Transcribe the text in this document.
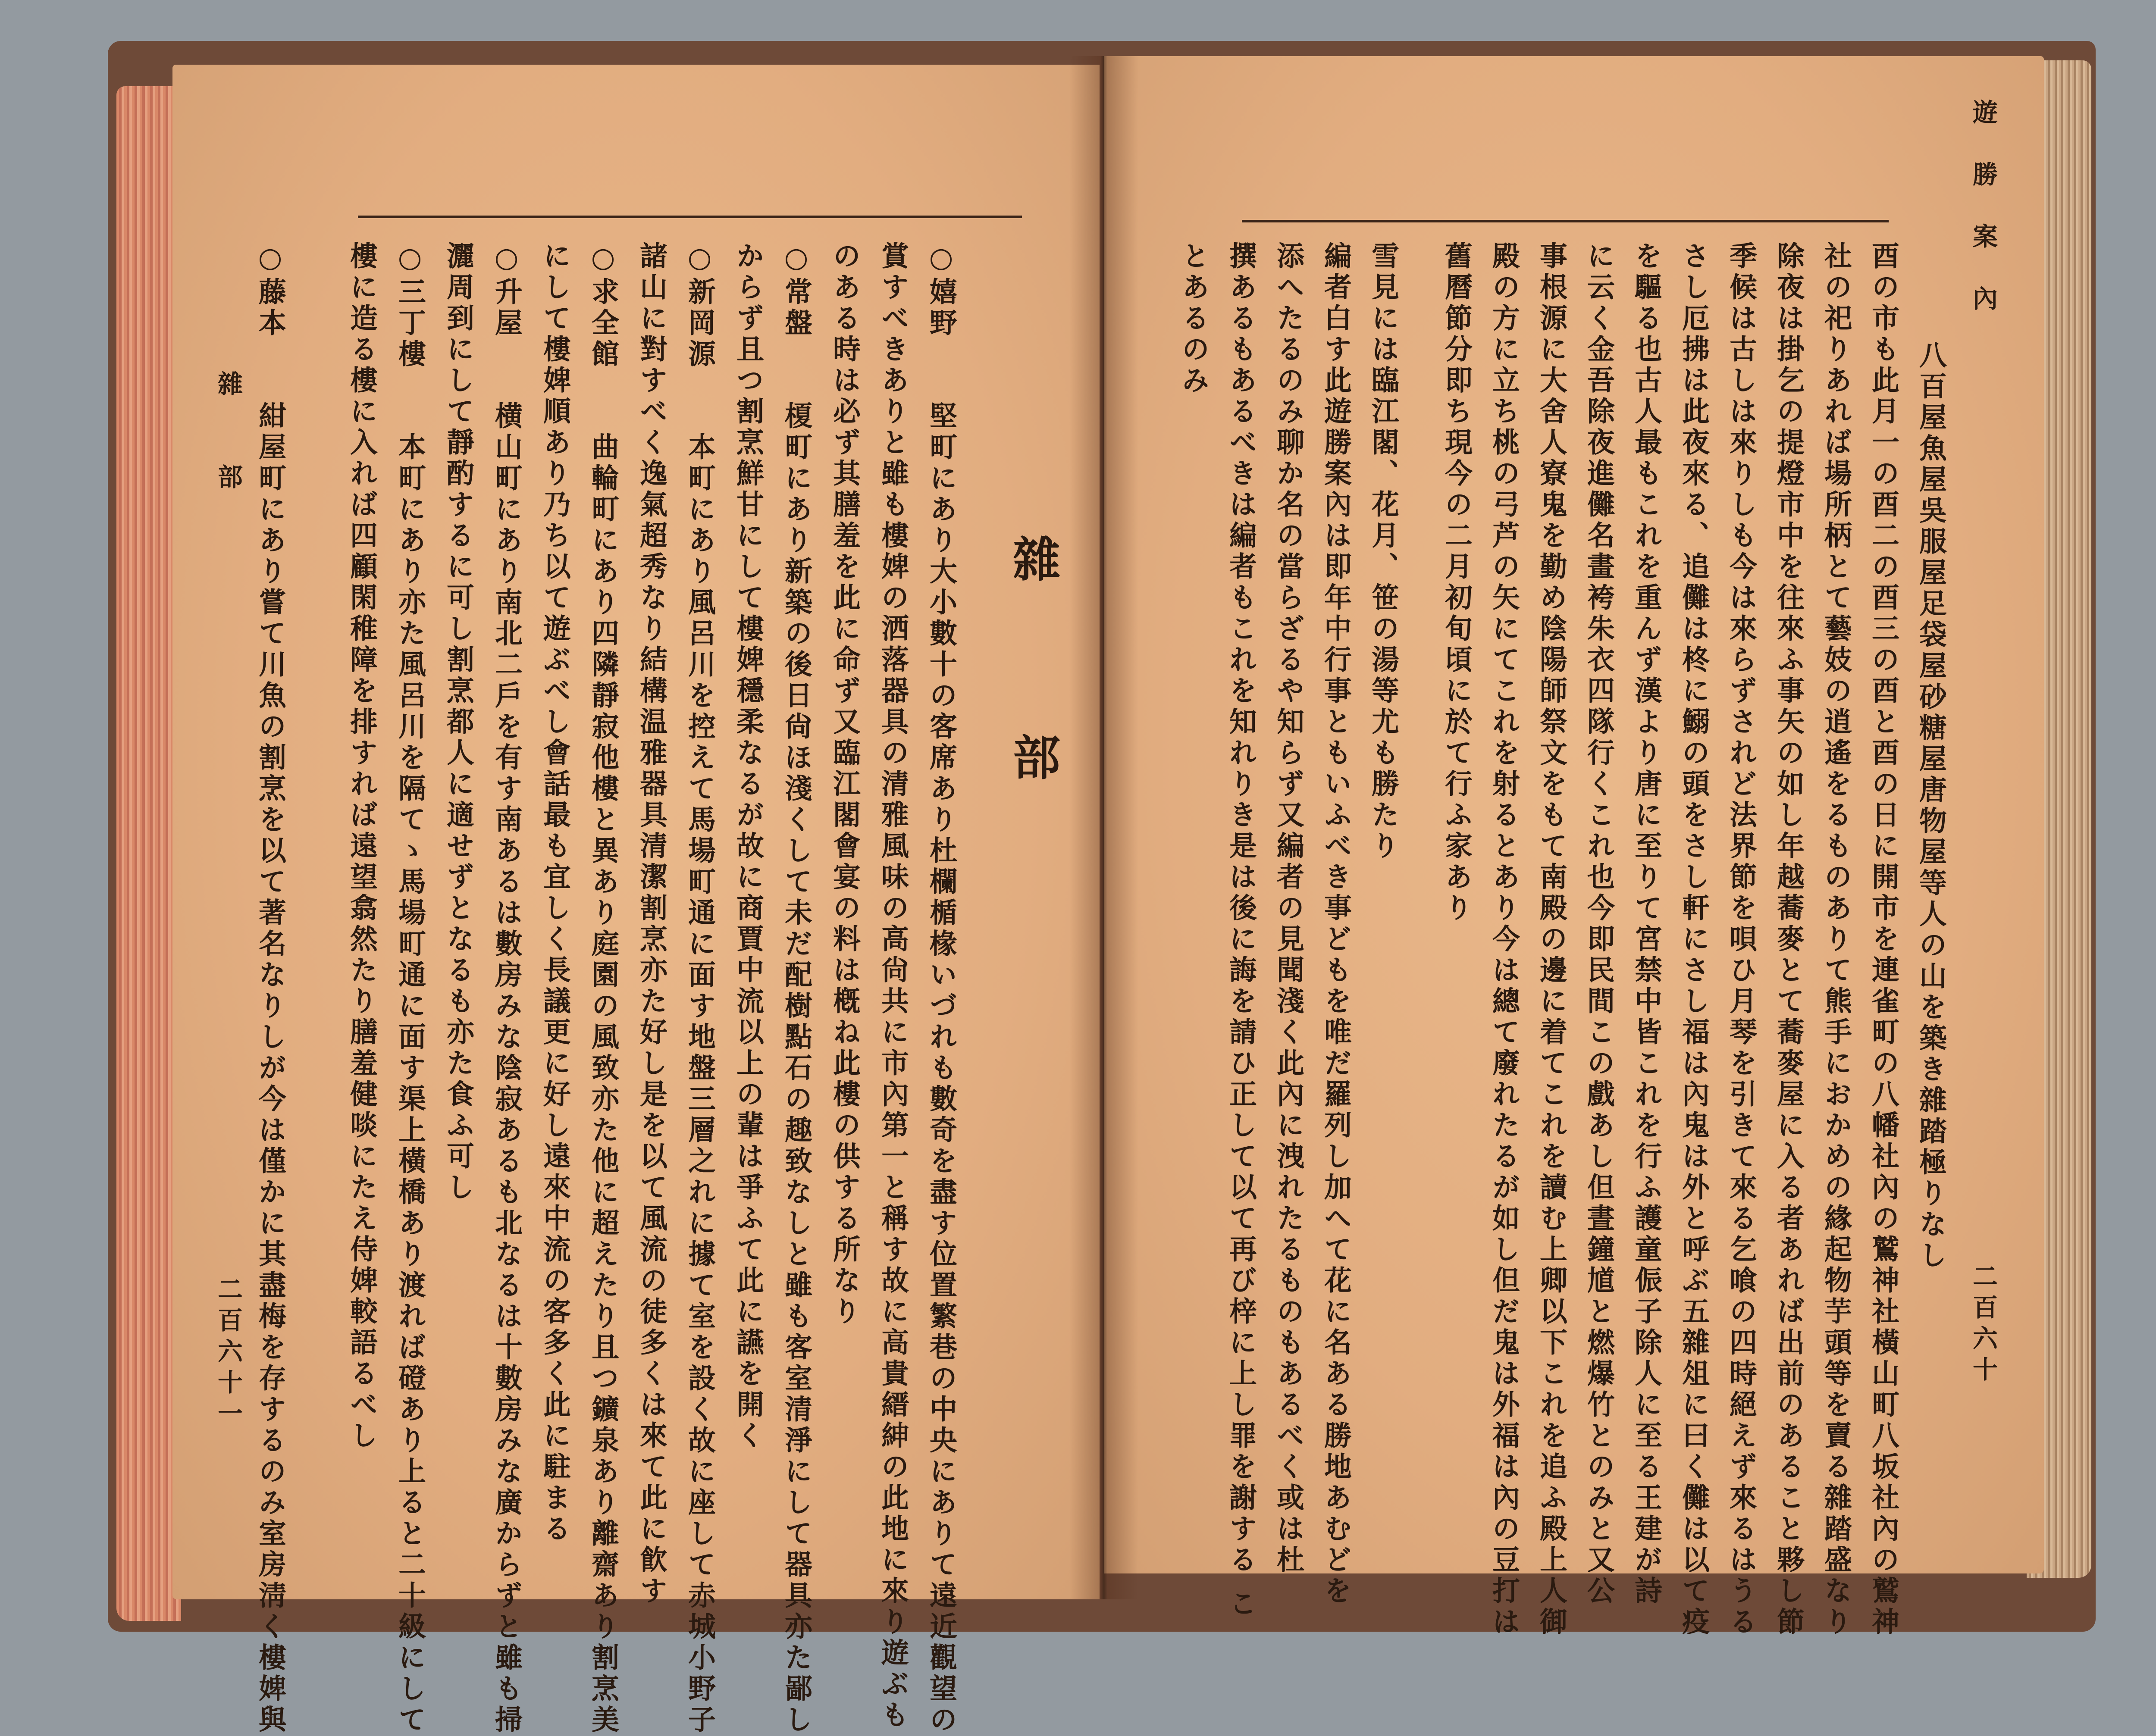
雜　部
○嬉野　　堅町にあり大小數十の客席あり杜欄楯椽いづれも數奇を盡す位置繁巷の中央にありて遠近觀望の
賞すべきありと雖も樓婢の洒落器具の清雅風味の高尙共に市內第一と稱す故に高貴縉紳の此地に來り遊ぶも
のある時は必ず其膳羞を此に命ず又臨江閣會宴の料は槪ね此樓の供する所なり
○常盤　　榎町にあり新築の後日尙ほ淺くして未だ配樹點石の趣致なしと雖も客室清淨にして器具亦た鄙し
からず且つ割烹鮮甘にして樓婢穩柔なるが故に商賈中流以上の輩は爭ふて此に讌を開く
○新岡源　　本町にあり風呂川を控えて馬場町通に面す地盤三層之れに據て室を設く故に座して赤城小野子
諸山に對すべく逸氣超秀なり結構温雅器具清潔割烹亦た好し是を以て風流の徒多くは來て此に飮す
○求全館　　曲輪町にあり四隣靜寂他樓と異あり庭園の風致亦た他に超えたり且つ鑛泉あり離齋あり割烹美
にして樓婢順あり乃ち以て遊ぶべし會話最も宜しく長議更に好し遠來中流の客多く此に駐まる
○升屋　　横山町にあり南北二戶を有す南あるは數房みな陰寂あるも北なるは十數房みな廣からずと雖も掃
灑周到にして靜酌するに可し割烹都人に適せずとなるも亦た食ふ可し
○三丁樓　　本町にあり亦た風呂川を隔てゝ馬場町通に面す渠上橫橋あり渡れば磴あり上ると二十級にして
樓に造る樓に入れば四顧閑稚障を排すれば遠望翕然たり膳羞健啖にたえ侍婢較語るべし
○藤本　　紺屋町にあり嘗て川魚の割烹を以て著名なりしが今は僅かに其盡梅を存するのみ室房淸く樓婢與
雜　　部
二百六十一
遊　勝　案　內
二百六十
八百屋魚屋吳服屋足袋屋砂糖屋唐物屋等人の山を築き雜踏極りなし
酉の市も此月一の酉二の酉三の酉と酉の日に開市を連雀町の八幡社內の鷲神社橫山町八坂社內の鷲神
社の祀りあれば場所柄とて藝妓の逍遙をるものありて熊手におかめの緣起物芋頭等を賣る雜踏盛なり
除夜は掛乞の提燈市中を往來ふ事矢の如し年越蕎麥とて蕎麥屋に入る者あれば出前のあること夥し節
季候は古しは來りしも今は來らずされど法界節を唄ひ月琴を引きて來る乞喰の四時絕えず來るはうる
さし厄拂は此夜來る、追儺は柊に鰯の頭をさし軒にさし福は內鬼は外と呼ぶ五雜俎に曰く儺は以て疫
を驅る也古人最もこれを重んず漢より唐に至りて宮禁中皆これを行ふ護童侲子除人に至る王建が詩
に云く金吾除夜進儺名畫袴朱衣四隊行くこれ也今即民間この戲あし但晝鐘馗と燃爆竹とのみと又公
事根源に大舍人寮鬼を勤め陰陽師祭文をもて南殿の邊に着てこれを讀む上卿以下これを追ふ殿上人御
殿の方に立ち桃の弓芦の矢にてこれを射るとあり今は總て廢れたるが如し但だ鬼は外福は內の豆打は
舊曆節分即ち現今の二月初旬頃に於て行ふ家あり
雪見には臨江閣、花月、笹の湯等尤も勝たり
編者白す此遊勝案內は即年中行事ともいふべき事どもを唯だ羅列し加へて花に名ある勝地あむどを
添へたるのみ聊か名の當らざるや知らず又編者の見聞淺く此內に洩れたるものもあるべく或は杜
撰あるもあるべきは編者もこれを知れりき是は後に誨を請ひ正して以て再び梓に上し罪を謝する こ
とあるのみ
